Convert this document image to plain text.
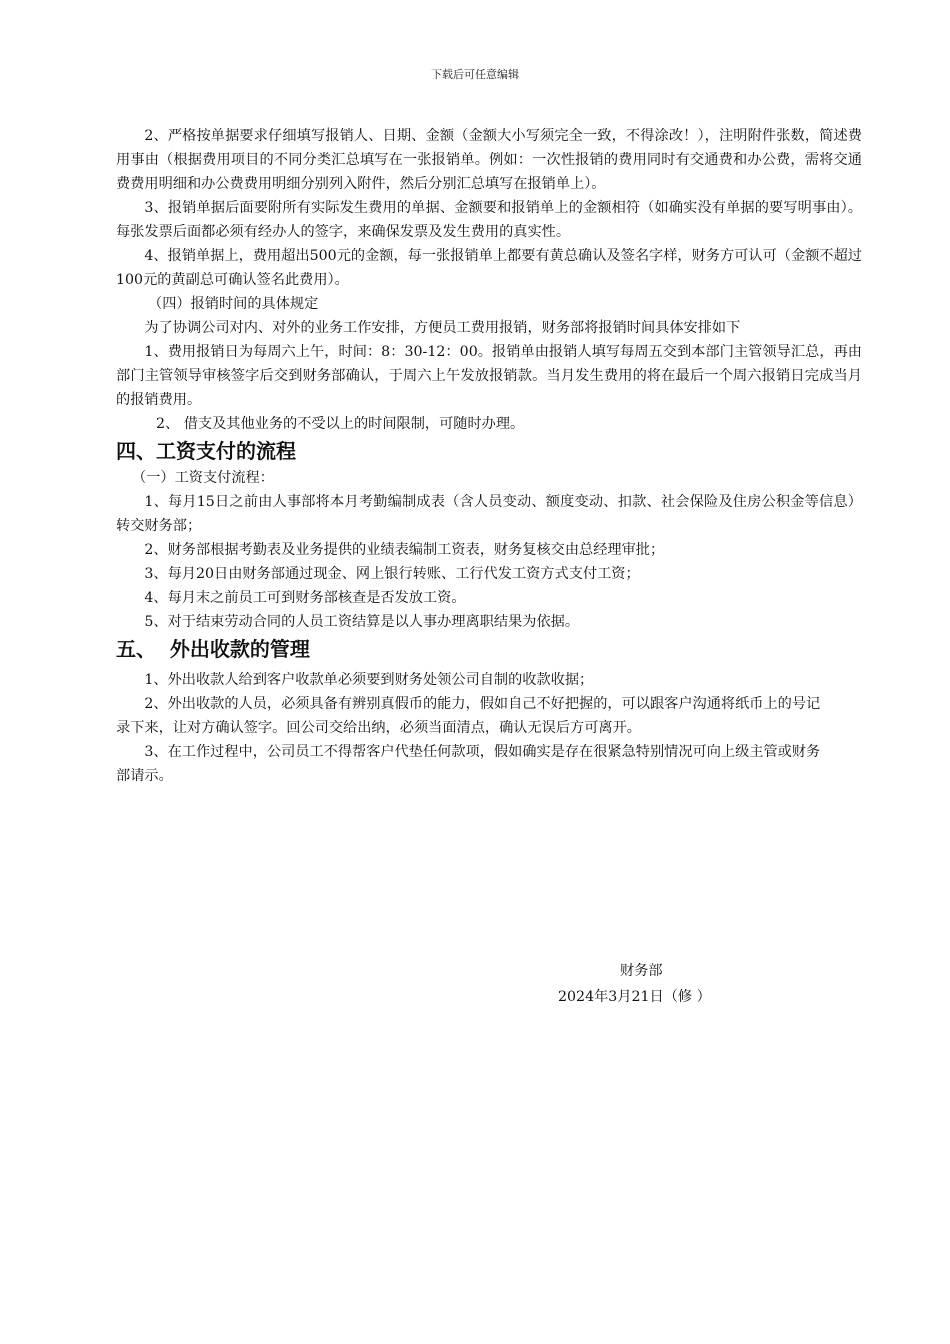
下载后可任意编辑

2、严格按单据要求仔细填写报销人、日期、金额（金额大小写须完全一致，不得涂改！），注明附件张数，简述费用事由（根据费用项目的不同分类汇总填写在一张报销单。例如：一次性报销的费用同时有交通费和办公费，需将交通费费用明细和办公费费用明细分别列入附件，然后分别汇总填写在报销单上）。

3、报销单据后面要附所有实际发生费用的单据、金额要和报销单上的金额相符（如确实没有单据的要写明事由）。每张发票后面都必须有经办人的签字，来确保发票及发生费用的真实性。

4、报销单据上，费用超出500元的金额，每一张报销单上都要有黄总确认及签名字样，财务方可认可（金额不超过100元的黄副总可确认签名此费用）。

（四）报销时间的具体规定

为了协调公司对内、对外的业务工作安排，方便员工费用报销，财务部将报销时间具体安排如下

1、费用报销日为每周六上午，时间：8：30-12：00。报销单由报销人填写每周五交到本部门主管领导汇总，再由部门主管领导审核签字后交到财务部确认，于周六上午发放报销款。当月发生费用的将在最后一个周六报销日完成当月的报销费用。

2、 借支及其他业务的不受以上的时间限制，可随时办理。

四、工资支付的流程

（一）工资支付流程：

1、每月15日之前由人事部将本月考勤编制成表（含人员变动、额度变动、扣款、社会保险及住房公积金等信息）转交财务部；

2、财务部根据考勤表及业务提供的业绩表编制工资表，财务复核交由总经理审批；

3、每月20日由财务部通过现金、网上银行转账、工行代发工资方式支付工资；

4、每月末之前员工可到财务部核查是否发放工资。

5、对于结束劳动合同的人员工资结算是以人事办理离职结果为依据。

五、  外出收款的管理

1、外出收款人给到客户收款单必须要到财务处领公司自制的收款收据；

2、外出收款的人员，必须具备有辨别真假币的能力，假如自己不好把握的，可以跟客户沟通将纸币上的号记录下来，让对方确认签字。回公司交给出纳，必须当面清点，确认无误后方可离开。

3、在工作过程中，公司员工不得帮客户代垫任何款项，假如确实是存在很紧急特别情况可向上级主管或财务部请示。

财务部
2024年3月21日（修 ）
